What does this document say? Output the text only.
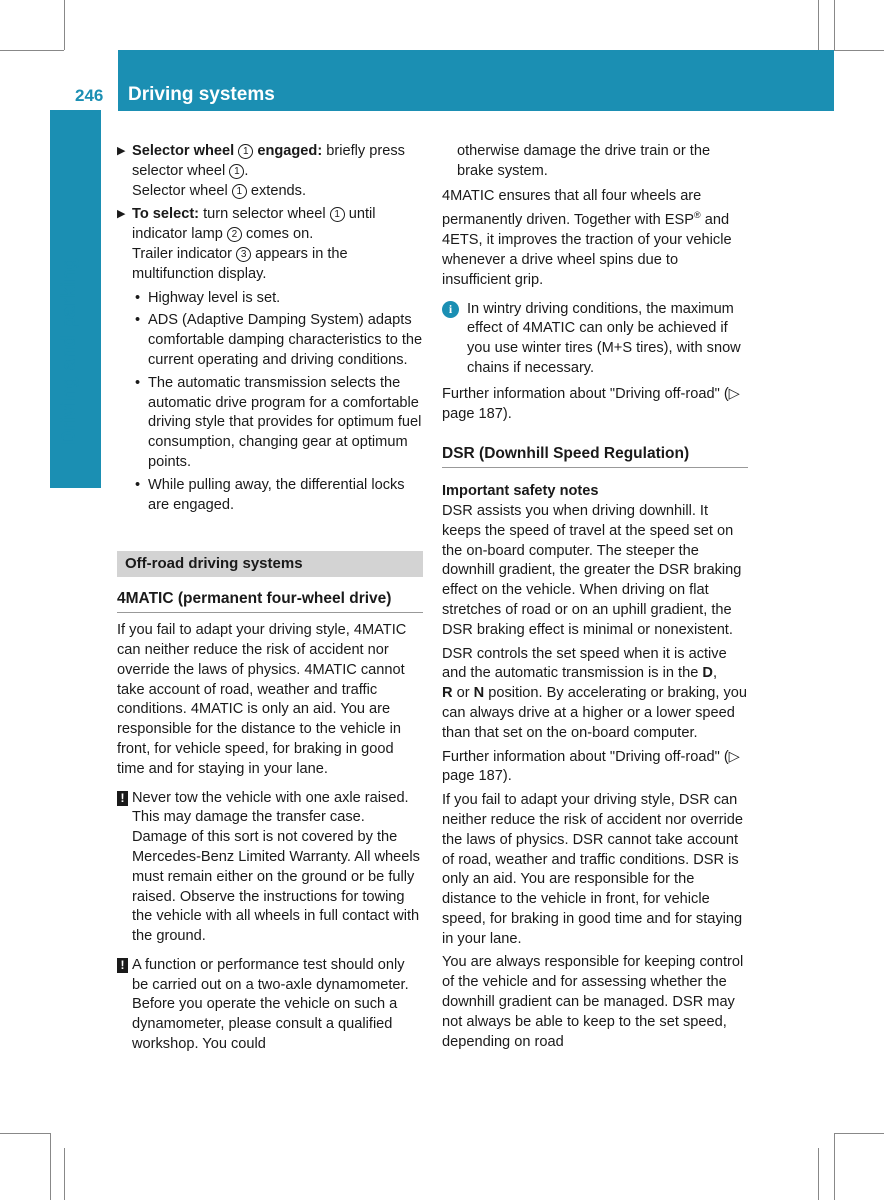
246 Driving systems
Driving and parking
▶ Selector wheel 1 engaged: briefly press selector wheel 1 .

Selector wheel 1 extends.

▶ To select: turn selector wheel 1 until indicator lamp 2 comes on.

Trailer indicator 3 appears in the multifunction display.

• Highway level is set.

• ADS (Adaptive Damping System) adapts comfortable damping characteristics to the current operating and driving conditions.

• The automatic transmission selects the automatic drive program for a comfortable driving style that provides for optimum fuel consumption, changing gear at optimum points.

• While pulling away, the differential locks are engaged.

Off-road driving systems
4MATIC (permanent four-wheel drive)

If you fail to adapt your driving style, 4MATIC can neither reduce the risk of accident nor override the laws of physics. 4MATIC cannot take account of road, weather and traffic conditions. 4MATIC is only an aid. You are responsible for the distance to the vehicle in front, for vehicle speed, for braking in good time and for staying in your lane.

! Never tow the vehicle with one axle raised. This may damage the transfer case. Damage of this sort is not covered by the Mercedes-Benz Limited Warranty. All wheels must remain either on the ground or be fully raised. Observe the instructions for towing the vehicle with all wheels in full contact with the ground.

! A function or performance test should only be carried out on a two-axle dynamometer. Before you operate the vehicle on such a dynamometer, please consult a qualified workshop. You could

otherwise damage the drive train or the brake system.

4MATIC ensures that all four wheels are permanently driven. Together with ESP® and 4ETS, it improves the traction of your vehicle whenever a drive wheel spins due to insufficient grip.

i	In wintry driving conditions, the maximum effect of 4MATIC can only be achieved if you use winter tires (M+S tires), with snow chains if necessary.

Further information about "Driving off-road" (▷ page 187).

DSR (Downhill Speed Regulation)
Important safety notes

DSR assists you when driving downhill. It keeps the speed of travel at the speed set on the on-board computer. The steeper the downhill gradient, the greater the DSR braking effect on the vehicle. When driving on flat stretches of road or on an uphill gradient, the DSR braking effect is minimal or nonexistent.

DSR controls the set speed when it is active and the automatic transmission is in the D,
R or N position. By accelerating or braking, you can always drive at a higher or a lower speed than that set on the on-board computer.

Further information about "Driving off-road" (▷ page 187).

If you fail to adapt your driving style, DSR can neither reduce the risk of accident nor override the laws of physics. DSR cannot take account of road, weather and traffic conditions. DSR is only an aid. You are responsible for the distance to the vehicle in front, for vehicle speed, for braking in good time and for staying in your lane.

You are always responsible for keeping control of the vehicle and for assessing whether the downhill gradient can be managed. DSR may not always be able to keep to the set speed, depending on road
